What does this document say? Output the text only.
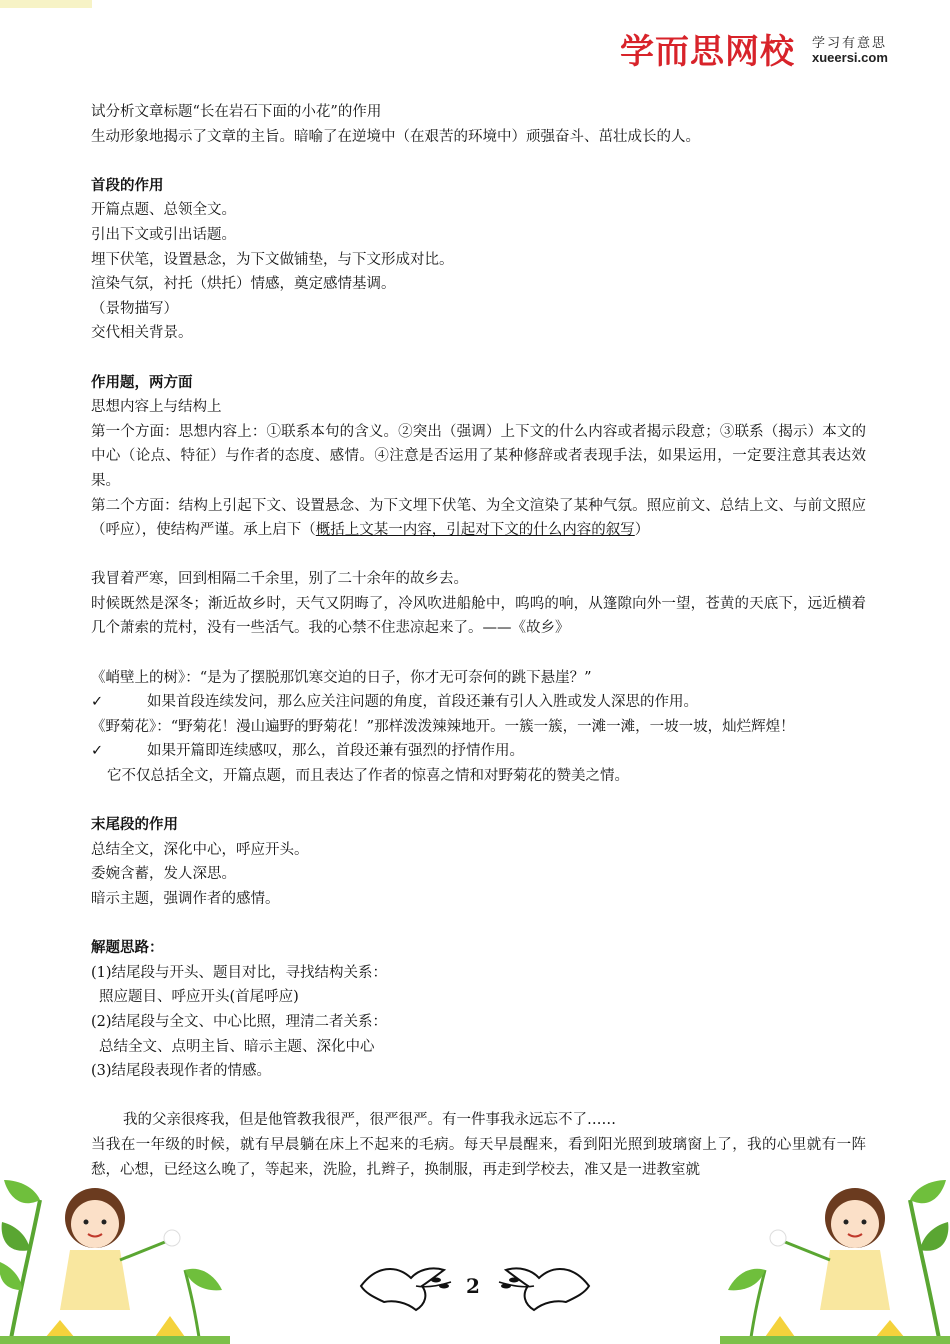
学而思网校 学习有意思
xueersi.com

试分析文章标题“长在岩石下面的小花”的作用

生动形象地揭示了文章的主旨。暗喻了在逆境中（在艰苦的环境中）顽强奋斗、茁壮成长的人。

首段的作用

开篇点题、总领全文。

引出下文或引出话题。

埋下伏笔，设置悬念，为下文做铺垫，与下文形成对比。

渲染气氛，衬托（烘托）情感，奠定感情基调。

（景物描写）

交代相关背景。

作用题，两方面

思想内容上与结构上

第一个方面：思想内容上：①联系本句的含义。②突出（强调）上下文的什么内容或者揭示段意；③联系（揭示）本文的中心（论点、特征）与作者的态度、感情。④注意是否运用了某种修辞或者表现手法，如果运用，一定要注意其表达效果。

第二个方面：结构上引起下文、设置悬念、为下文埋下伏笔、为全文渲染了某种气氛。照应前文、总结上文、与前文照应（呼应），使结构严谨。承上启下（概括上文某一内容，引起对下文的什么内容的叙写）

我冒着严寒，回到相隔二千余里，别了二十余年的故乡去。

时候既然是深冬；渐近故乡时，天气又阴晦了，冷风吹进船舱中，呜呜的响，从篷隙向外一望，苍黄的天底下，远近横着几个萧索的荒村，没有一些活气。我的心禁不住悲凉起来了。——《故乡》

《峭壁上的树》：“是为了摆脱那饥寒交迫的日子，你才无可奈何的跳下悬崖？”

✓	如果首段连续发问，那么应关注问题的角度，首段还兼有引人入胜或发人深思的作用。

《野菊花》：“野菊花！漫山遍野的野菊花！”那样泼泼辣辣地开。一簇一簇，一滩一滩，一坡一坡，灿烂辉煌！

✓	如果开篇即连续感叹，那么，首段还兼有强烈的抒情作用。

它不仅总括全文，开篇点题，而且表达了作者的惊喜之情和对野菊花的赞美之情。

末尾段的作用

总结全文，深化中心，呼应开头。

委婉含蓄，发人深思。

暗示主题，强调作者的感情。

解题思路：

(1)结尾段与开头、题目对比，寻找结构关系：

照应题目、呼应开头(首尾呼应)

(2)结尾段与全文、中心比照，理清二者关系：

总结全文、点明主旨、暗示主题、深化中心

(3)结尾段表现作者的情感。

我的父亲很疼我，但是他管教我很严，很严很严。有一件事我永远忘不了……

当我在一年级的时候，就有早晨躺在床上不起来的毛病。每天早晨醒来，看到阳光照到玻璃窗上了，我的心里就有一阵愁，心想，已经这么晚了，等起来，洗脸，扎辫子，换制服，再走到学校去，准又是一进教室就

2
